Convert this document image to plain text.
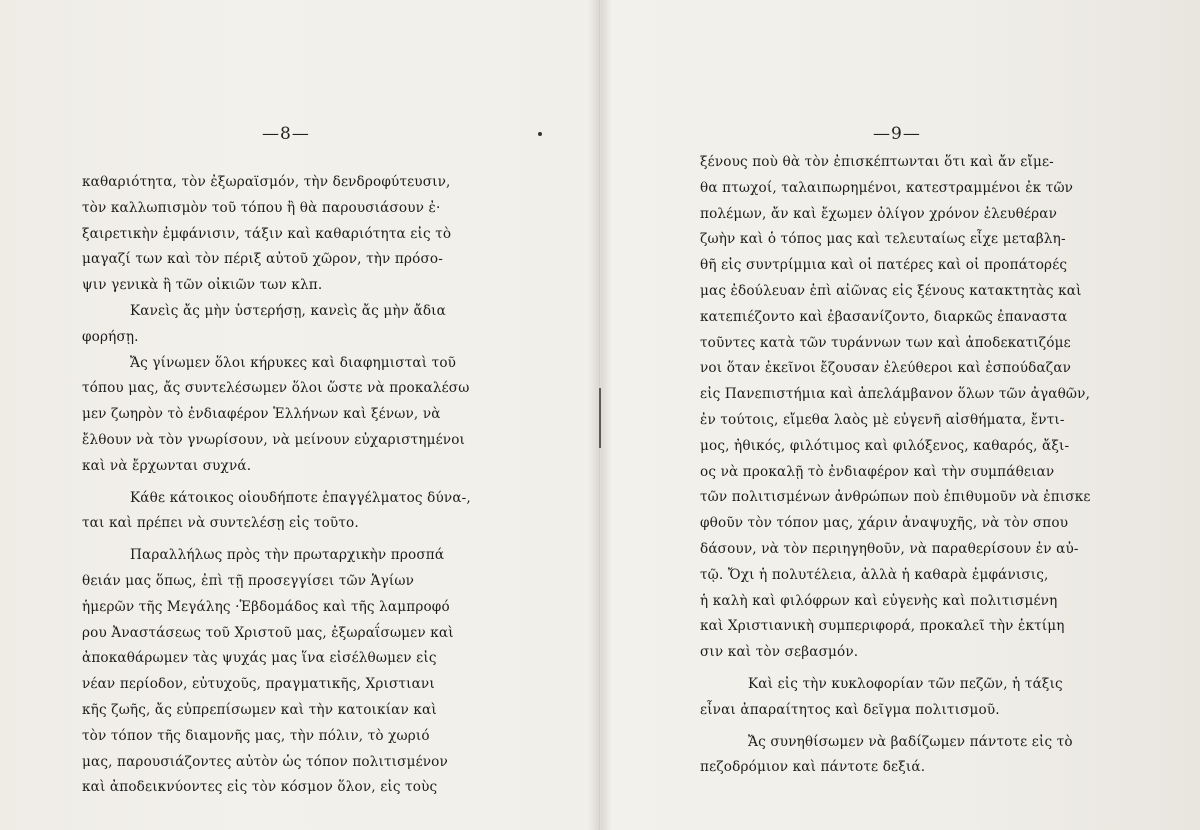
—8—
καθαριότητα, τὸν ἐξωραϊσμόν, τὴν δενδροφύτευσιν,
τὸν καλλωπισμὸν τοῦ τόπου ἢ θὰ παρουσιάσουν ἐ·
ξαιρετικὴν ἐμφάνισιν, τάξιν καὶ καθαριότητα εἰς τὸ
μαγαζί των καὶ τὸν πέριξ αὐτοῦ χῶρον, τὴν πρόσο-
ψιν γενικὰ ἢ τῶν οἰκιῶν των κλπ.
Κανεὶς ἄς μὴν ὑστερήσῃ, κανεὶς ἄς μὴν ἄδια
φορήσῃ.
Ἄς γίνωμεν ὅλοι κήρυκες καὶ διαφημισταὶ τοῦ
τόπου μας, ἄς συντελέσωμεν ὅλοι ὥστε νὰ προκαλέσω
μεν ζωηρὸν τὸ ἐνδιαφέρον Ἑλλήνων καὶ ξένων, νὰ
ἔλθουν νὰ τὸν γνωρίσουν, νὰ μείνουν εὐχαριστημένοι
καὶ νὰ ἔρχωνται συχνά.
Κάθε κάτοικος οἱουδήποτε ἐπαγγέλματος δύνα-,
ται καὶ πρέπει νὰ συντελέσῃ εἰς τοῦτο.
Παραλλήλως πρὸς τὴν πρωταρχικὴν προσπά
θειάν μας ὅπως, ἐπὶ τῇ προσεγγίσει τῶν Ἁγίων
ἡμερῶν τῆς Μεγάλης ·Ἑβδομάδος καὶ τῆς λαμπροφό
ρου Ἀναστάσεως τοῦ Χριστοῦ μας, ἐξωραΐσωμεν καὶ
ἀποκαθάρωμεν τὰς ψυχάς μας ἵνα εἰσέλθωμεν εἰς
νέαν περίοδον, εὐτυχοῦς, πραγματικῆς, Χριστιανι
κῆς ζωῆς, ἄς εὐπρεπίσωμεν καὶ τὴν κατοικίαν καὶ
τὸν τόπον τῆς διαμονῆς μας, τὴν πόλιν, τὸ χωριό
μας, παρουσιάζοντες αὐτὸν ὡς τόπον πολιτισμένον
καὶ ἀποδεικνύοντες εἰς τὸν κόσμον ὅλον, εἰς τοὺς
—9—
ξένους ποὺ θὰ τὸν ἐπισκέπτωνται ὅτι καὶ ἄν εἴμε-
θα πτωχοί, ταλαιπωρημένοι, κατεστραμμένοι ἐκ τῶν
πολέμων, ἄν καὶ ἔχωμεν ὀλίγον χρόνον ἐλευθέραν
ζωὴν καὶ ὁ τόπος μας καὶ τελευταίως εἶχε μεταβλη-
θῆ εἰς συντρίμμια καὶ οἱ πατέρες καὶ οἱ προπάτορές
μας ἐδούλευαν ἐπὶ αἰῶνας εἰς ξένους κατακτητὰς καὶ
κατεπιέζοντο καὶ ἐβασανίζοντο, διαρκῶς ἐπαναστα
τοῦντες κατὰ τῶν τυράννων των καὶ ἀποδεκατιζόμε
νοι ὅταν ἐκεῖνοι ἔζουσαν ἐλεύθεροι καὶ ἐσπούδαζαν
εἰς Πανεπιστήμια καὶ ἀπελάμβανον ὅλων τῶν ἀγαθῶν,
ἐν τούτοις, εἴμεθα λαὸς μὲ εὐγενῆ αἰσθήματα, ἔντι-
μος, ἠθικός, φιλότιμος καὶ φιλόξενος, καθαρός, ἄξι-
ος νὰ προκαλῇ τὸ ἐνδιαφέρον καὶ τὴν συμπάθειαν
τῶν πολιτισμένων ἀνθρώπων ποὺ ἐπιθυμοῦν νὰ ἐπισκε
φθοῦν τὸν τόπον μας, χάριν ἀναψυχῆς, νὰ τὸν σπου
δάσουν, νὰ τὸν περιηγηθοῦν, νὰ παραθερίσουν ἐν αὐ-
τῷ. Ὄχι ἡ πολυτέλεια, ἀλλὰ ἡ καθαρὰ ἐμφάνισις,
ἡ καλὴ καὶ φιλόφρων καὶ εὐγενὴς καὶ πολιτισμένη
καὶ Χριστιανικὴ συμπεριφορά, προκαλεῖ τὴν ἐκτίμη
σιν καὶ τὸν σεβασμόν.
Καὶ εἰς τὴν κυκλοφορίαν τῶν πεζῶν, ἡ τάξις
εἶναι ἀπαραίτητος καὶ δεῖγμα πολιτισμοῦ.
Ἄς συνηθίσωμεν νὰ βαδίζωμεν πάντοτε εἰς τὸ
πεζοδρόμιον καὶ πάντοτε δεξιά.
